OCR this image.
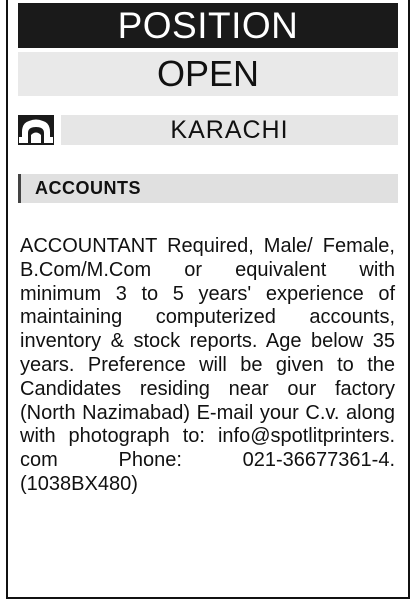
POSITION
OPEN
KARACHI
ACCOUNTS

ACCOUNTANT Required, Male/ Female, B.Com/M.Com or equivalent with minimum 3 to 5 years' experience of maintaining computerized accounts, inventory & stock reports. Age below 35 years. Preference will be given to the Candidates residing near our factory (North Nazimabad) E-mail your C.v. along with photograph to: info@spotlitprinters.​com Phone: 021-36677361-4. (1038BX480)
